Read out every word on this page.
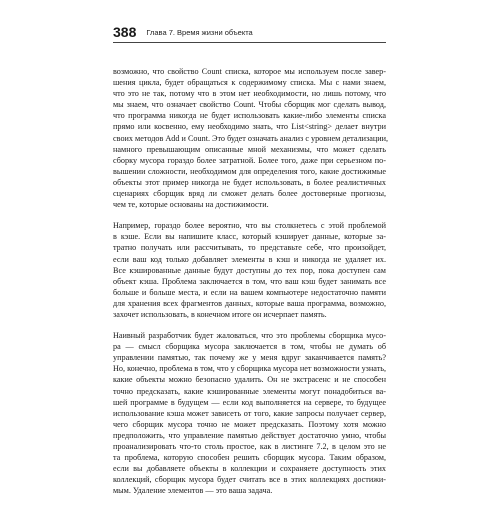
388 Глава 7. Время жизни объекта
возможно, что свойство Count списка, которое мы используем после завер-
шения цикла, будет обращаться к содержимому списка. Мы с нами знаем,
что это не так, потому что в этом нет необходимости, но лишь потому, что
мы знаем, что означает свойство Count. Чтобы сборщик мог сделать вывод,
что программа никогда не будет использовать какие-либо элементы списка
прямо или косвенно, ему необходимо знать, что List<string> делает внутри
своих методов Add и Count. Это будет означать анализ с уровнем детализации,
намного превышающим описанные мной механизмы, что может сделать
сборку мусора гораздо более затратной. Более того, даже при серьезном по-
вышении сложности, необходимом для определения того, какие достижимые
объекты этот пример никогда не будет использовать, в более реалистичных
сценариях сборщик вряд ли сможет делать более достоверные прогнозы,
чем те, которые основаны на достижимости.
Например, гораздо более вероятно, что вы столкнетесь с этой проблемой
в кэше. Если вы напишите класс, который кэширует данные, которые за-
тратно получать или рассчитывать, то представьте себе, что произойдет,
если ваш код только добавляет элементы в кэш и никогда не удаляет их.
Все кэшированные данные будут доступны до тех пор, пока доступен сам
объект кэша. Проблема заключается в том, что ваш кэш будет занимать все
больше и больше места, и если на вашем компьютере недостаточно памяти
для хранения всех фрагментов данных, которые ваша программа, возможно,
захочет использовать, в конечном итоге он исчерпает память.
Наивный разработчик будет жаловаться, что это проблемы сборщика мусо-
ра — смысл сборщика мусора заключается в том, чтобы не думать об
управлении памятью, так почему же у меня вдруг заканчивается память?
Но, конечно, проблема в том, что у сборщика мусора нет возможности узнать,
какие объекты можно безопасно удалить. Он не экстрасенс и не способен
точно предсказать, какие кэшированные элементы могут понадобиться ва-
шей программе в будущем — если код выполняется на сервере, то будущее
использование кэша может зависеть от того, какие запросы получает сервер,
чего сборщик мусора точно не может предсказать. Поэтому хотя можно
предположить, что управление памятью действует достаточно умно, чтобы
проанализировать что-то столь простое, как в листинге 7.2, в целом это не
та проблема, которую способен решить сборщик мусора. Таким образом,
если вы добавляете объекты в коллекции и сохраняете доступность этих
коллекций, сборщик мусора будет считать все в этих коллекциях достижи-
мым. Удаление элементов — это ваша задача.
